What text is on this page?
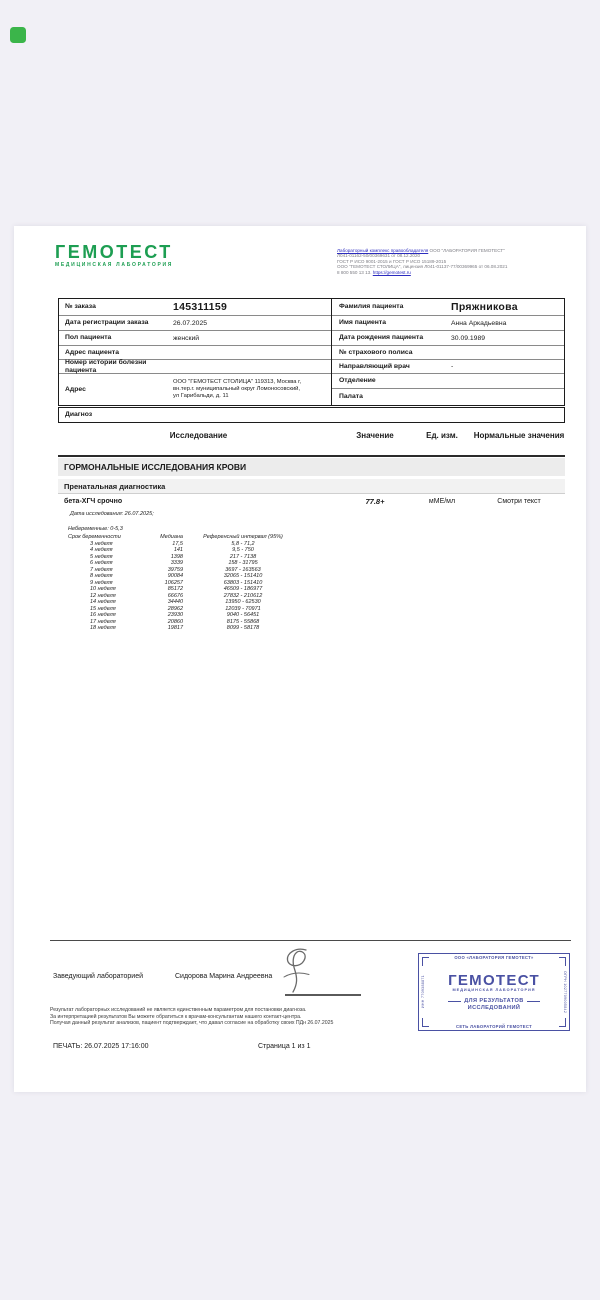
ГЕМОТЕСТ
МЕДИЦИНСКАЯ ЛАБОРАТОРИЯ
Лабораторный комплекс правообладателя ООО "ЛАБОРАТОРИЯ ГЕМОТЕСТ"
Л041-01162-50/00369631 от 08.12.2020
ГОСТ Р ИСО 9001-2015 и ГОСТ Р ИСО 15189-2015
ООО "ГЕМОТЕСТ СТОЛИЦА", лицензия Л041-01137-77/00369965 от 06.08.2021
8 800 550 13 13. https://gemotest.ru
№ заказа	145311159
Дата регистрации заказа	26.07.2025
Пол пациента	женский
Адрес пациента
Номер истории болезни пациента
Адрес
ООО "ГЕМОТЕСТ СТОЛИЦА" 119313, Москва г, вн.тер.г. муниципальный округ Ломоносовский, ул Гарибальди, д. 11
Фамилия пациента	Пряжникова
Имя пациента	Анна Аркадьевна
Дата рождения пациента	30.09.1989
№ страхового полиса
Направляющий врач	-
Отделение
Палата
Диагноз
Исследование	Значение	Ед. изм.	Нормальные значения
ГОРМОНАЛЬНЫЕ ИССЛЕДОВАНИЯ КРОВИ
Пренатальная диагностика
бета-ХГЧ срочно	77.8+	мМЕ/мл	Смотри текст
Дата исследования: 26.07.2025;
Небеременные: 0-5,3
Срок беременности	Медиана	Референсный интервал (95%)
3 неделя	17,5	5,8 - 71,2
4 неделя	141	9,5 - 750
5 неделя	1398	217 - 7138
6 неделя	3339	158 - 31795
7 неделя	39759	3697 - 163563
8 неделя	90084	32065 - 151410
9 неделя	106257	63803 - 151410
10 неделя	85172	46509 - 186977
12 неделя	66676	27832 - 210612
14 неделя	34440	13950 - 62530
15 неделя	28962	12039 - 70971
16 неделя	23930	9040 - 56451
17 неделя	20860	8175 - 55868
18 неделя	19817	8099 - 58178
Заведующий лабораторией	Сидорова Марина Андреевна
ООО «ЛАБОРАТОРИЯ ГЕМОТЕСТ»
СЕТЬ ЛАБОРАТОРИЙ ГЕМОТЕСТ
ИНН 7709388871	ОГРН 1027709005842
ГЕМОТЕСТ
МЕДИЦИНСКАЯ ЛАБОРАТОРИЯ
ДЛЯ РЕЗУЛЬТАТОВ
ИССЛЕДОВАНИЙ
Результат лабораторных исследований не является единственным параметром для постановки диагноза.
За интерпретацией результатов Вы можете обратиться к врачам-консультантам нашего контакт-центра.
Получая данный результат анализов, пациент подтверждает, что давал согласие на обработку своих ПДн 26.07.2025
ПЕЧАТЬ: 26.07.2025 17:16:00	Страница 1 из 1
